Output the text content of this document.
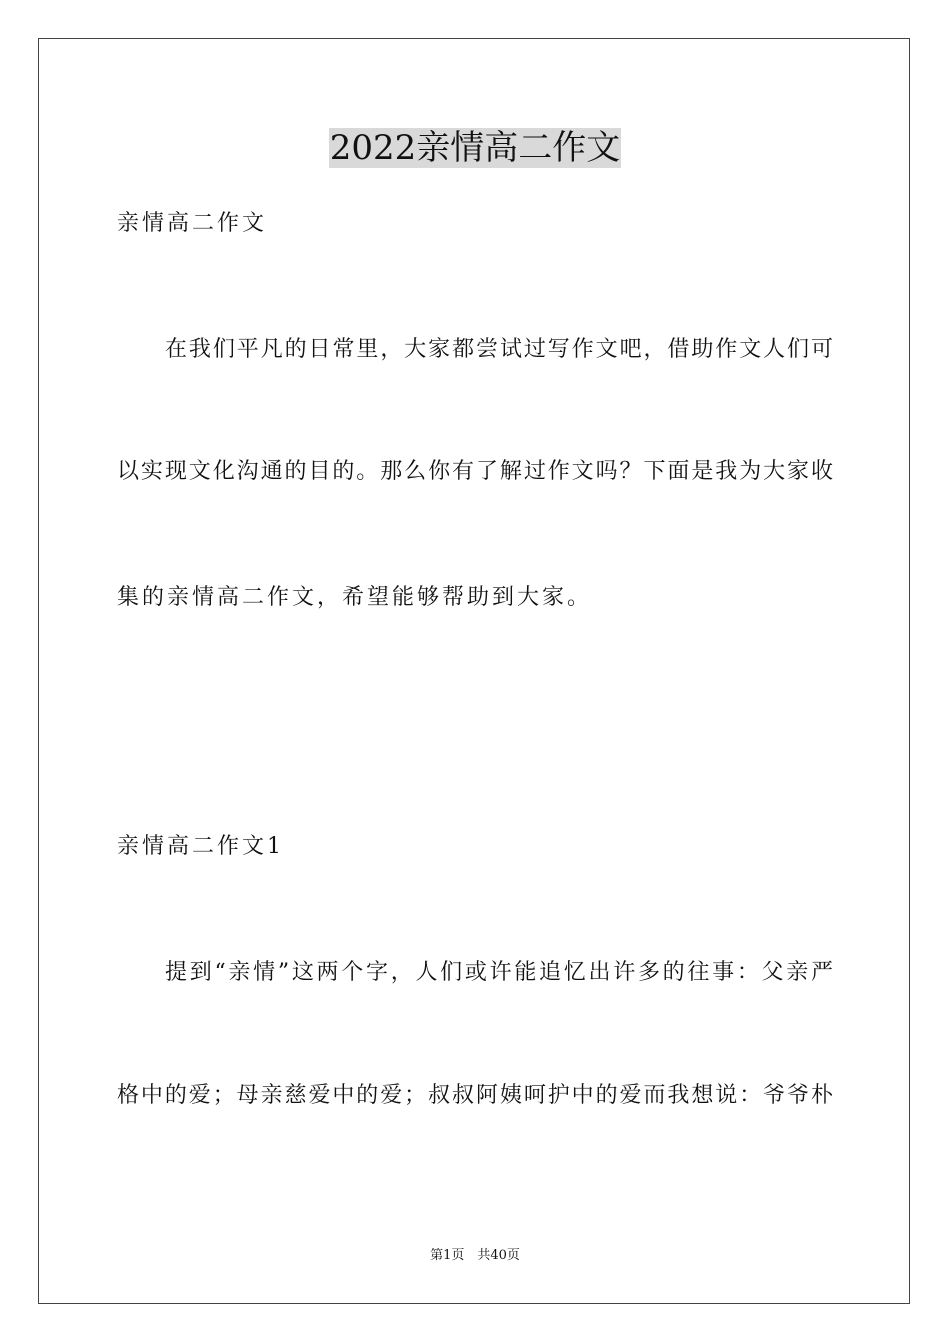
2022亲情高二作文
亲情高二作文
在我们平凡的日常里，大家都尝试过写作文吧，借助作文人们可
以实现文化沟通的目的。那么你有了解过作文吗？下面是我为大家收
集的亲情高二作文，希望能够帮助到大家。
亲情高二作文1
提到“亲情”这两个字，人们或许能追忆出许多的往事：父亲严
格中的爱；母亲慈爱中的爱；叔叔阿姨呵护中的爱而我想说：爷爷朴
第1页　共40页
